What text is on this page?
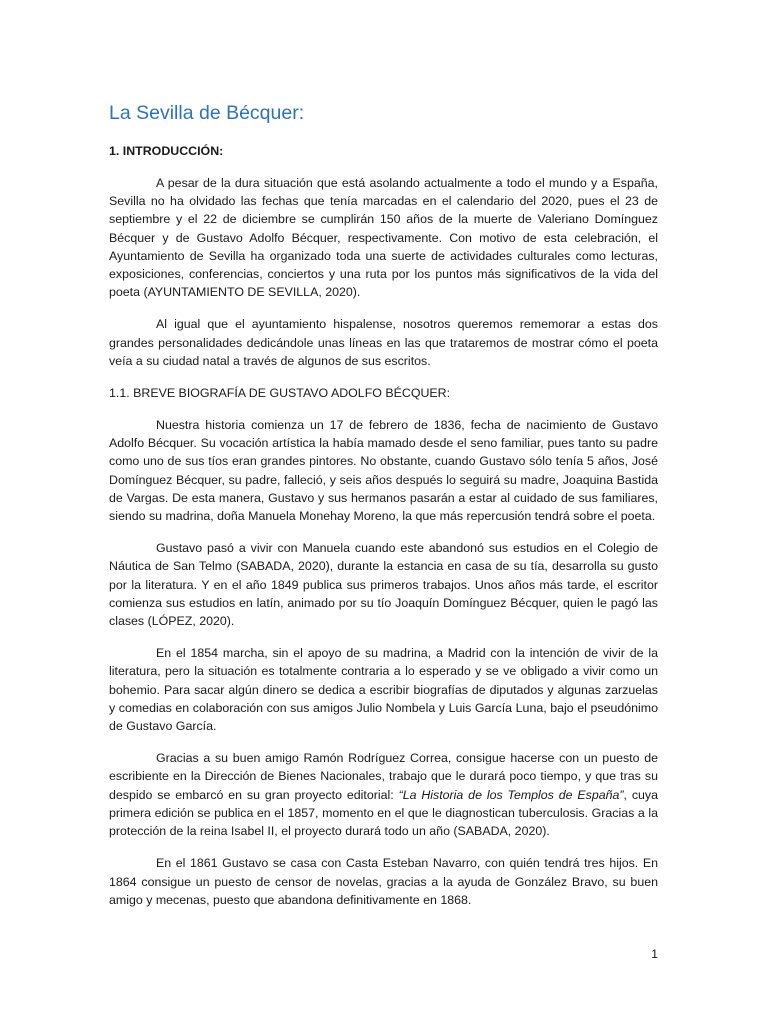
La Sevilla de Bécquer:
1. INTRODUCCIÓN:

A pesar de la dura situación que está asolando actualmente a todo el mundo y a España, Sevilla no ha olvidado las fechas que tenía marcadas en el calendario del 2020, pues el 23 de septiembre y el 22 de diciembre se cumplirán 150 años de la muerte de Valeriano Domínguez Bécquer y de Gustavo Adolfo Bécquer, respectivamente. Con motivo de esta celebración, el Ayuntamiento de Sevilla ha organizado toda una suerte de actividades culturales como lecturas, exposiciones, conferencias, conciertos y una ruta por los puntos más significativos de la vida del poeta (AYUNTAMIENTO DE SEVILLA, 2020).

Al igual que el ayuntamiento hispalense, nosotros queremos rememorar a estas dos grandes personalidades dedicándole unas líneas en las que trataremos de mostrar cómo el poeta veía a su ciudad natal a través de algunos de sus escritos.

1.1. BREVE BIOGRAFÍA DE GUSTAVO ADOLFO BÉCQUER:

Nuestra historia comienza un 17 de febrero de 1836, fecha de nacimiento de Gustavo Adolfo Bécquer. Su vocación artística la había mamado desde el seno familiar, pues tanto su padre como uno de sus tíos eran grandes pintores. No obstante, cuando Gustavo sólo tenía 5 años, José Domínguez Bécquer, su padre, falleció, y seis años después lo seguirá su madre, Joaquina Bastida de Vargas. De esta manera, Gustavo y sus hermanos pasarán a estar al cuidado de sus familiares, siendo su madrina, doña Manuela Monehay Moreno, la que más repercusión tendrá sobre el poeta.

Gustavo pasó a vivir con Manuela cuando este abandonó sus estudios en el Colegio de Náutica de San Telmo (SABADA, 2020), durante la estancia en casa de su tía, desarrolla su gusto por la literatura. Y en el año 1849 publica sus primeros trabajos. Unos años más tarde, el escritor comienza sus estudios en latín, animado por su tío Joaquín Domínguez Bécquer, quien le pagó las clases (LÓPEZ, 2020).

En el 1854 marcha, sin el apoyo de su madrina, a Madrid con la intención de vivir de la literatura, pero la situación es totalmente contraria a lo esperado y se ve obligado a vivir como un bohemio. Para sacar algún dinero se dedica a escribir biografías de diputados y algunas zarzuelas y comedias en colaboración con sus amigos Julio Nombela y Luis García Luna, bajo el pseudónimo de Gustavo García.

Gracias a su buen amigo Ramón Rodríguez Correa, consigue hacerse con un puesto de escribiente en la Dirección de Bienes Nacionales, trabajo que le durará poco tiempo, y que tras su despido se embarcó en su gran proyecto editorial: “La Historia de los Templos de España”, cuya primera edición se publica en el 1857, momento en el que le diagnostican tuberculosis. Gracias a la protección de la reina Isabel II, el proyecto durará todo un año (SABADA, 2020).

En el 1861 Gustavo se casa con Casta Esteban Navarro, con quién tendrá tres hijos. En 1864 consigue un puesto de censor de novelas, gracias a la ayuda de González Bravo, su buen amigo y mecenas, puesto que abandona definitivamente en 1868.

1
